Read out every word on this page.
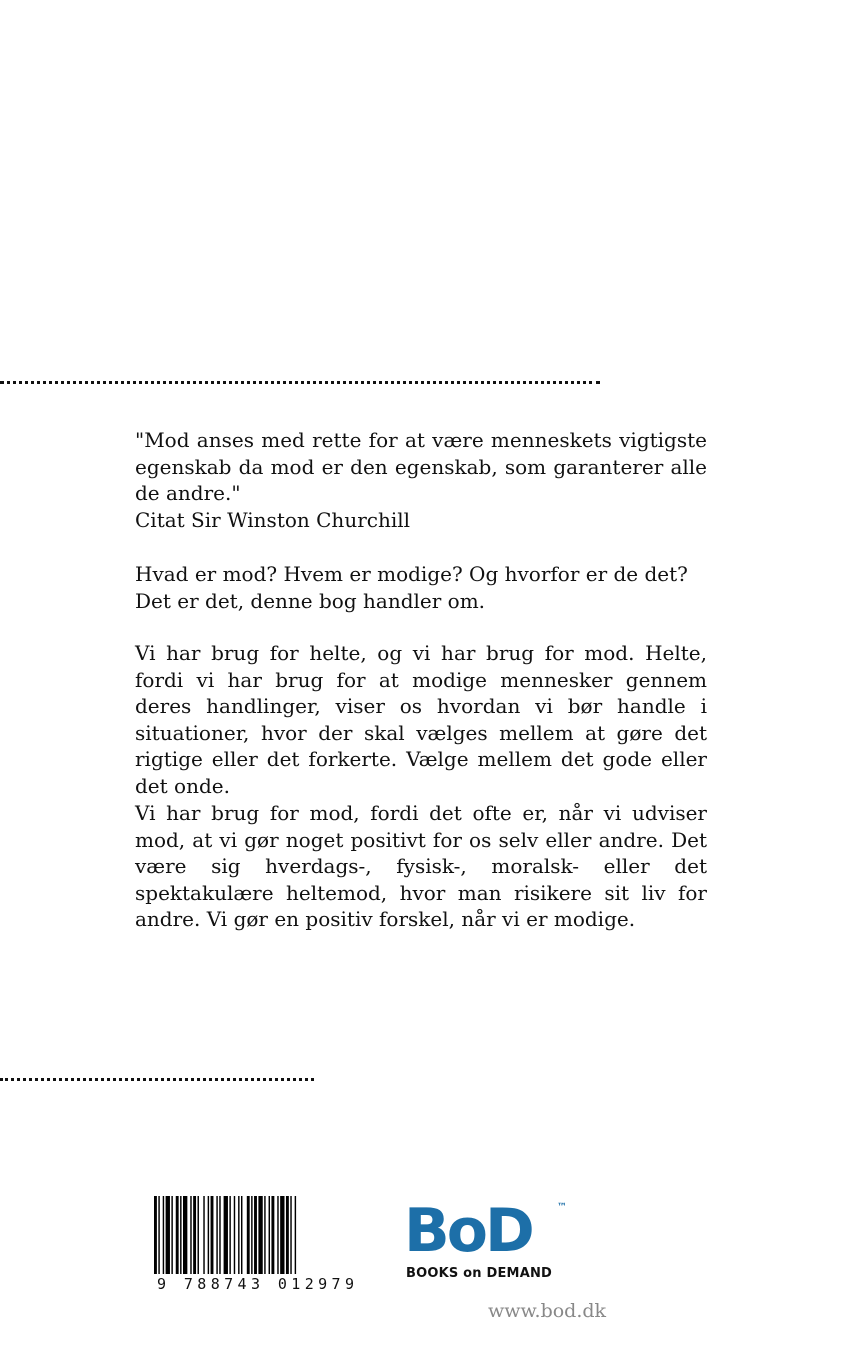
"Mod anses med rette for at være menneskets vigtigste egenskab da mod er den egenskab, som garanterer alle de andre."

Citat Sir Winston Churchill

Hvad er mod? Hvem er modige? Og hvorfor er de det?

Det er det, denne bog handler om.

Vi har brug for helte, og vi har brug for mod. Helte, fordi vi har brug for at modige mennesker gennem deres handlinger, viser os hvordan vi bør handle i situationer, hvor der skal vælges mellem at gøre det rigtige eller det forkerte. Vælge mellem det gode eller det onde.

Vi har brug for mod, fordi det ofte er, når vi udviser mod, at vi gør noget positivt for os selv eller andre. Det være sig hverdags-, fysisk-, moralsk- eller det spektakulære heltemod, hvor man risikere sit liv for andre. Vi gør en positiv forskel, når vi er modige.

9 788743 012979
BoD	™
BOOKS on DEMAND
www.bod.dk
